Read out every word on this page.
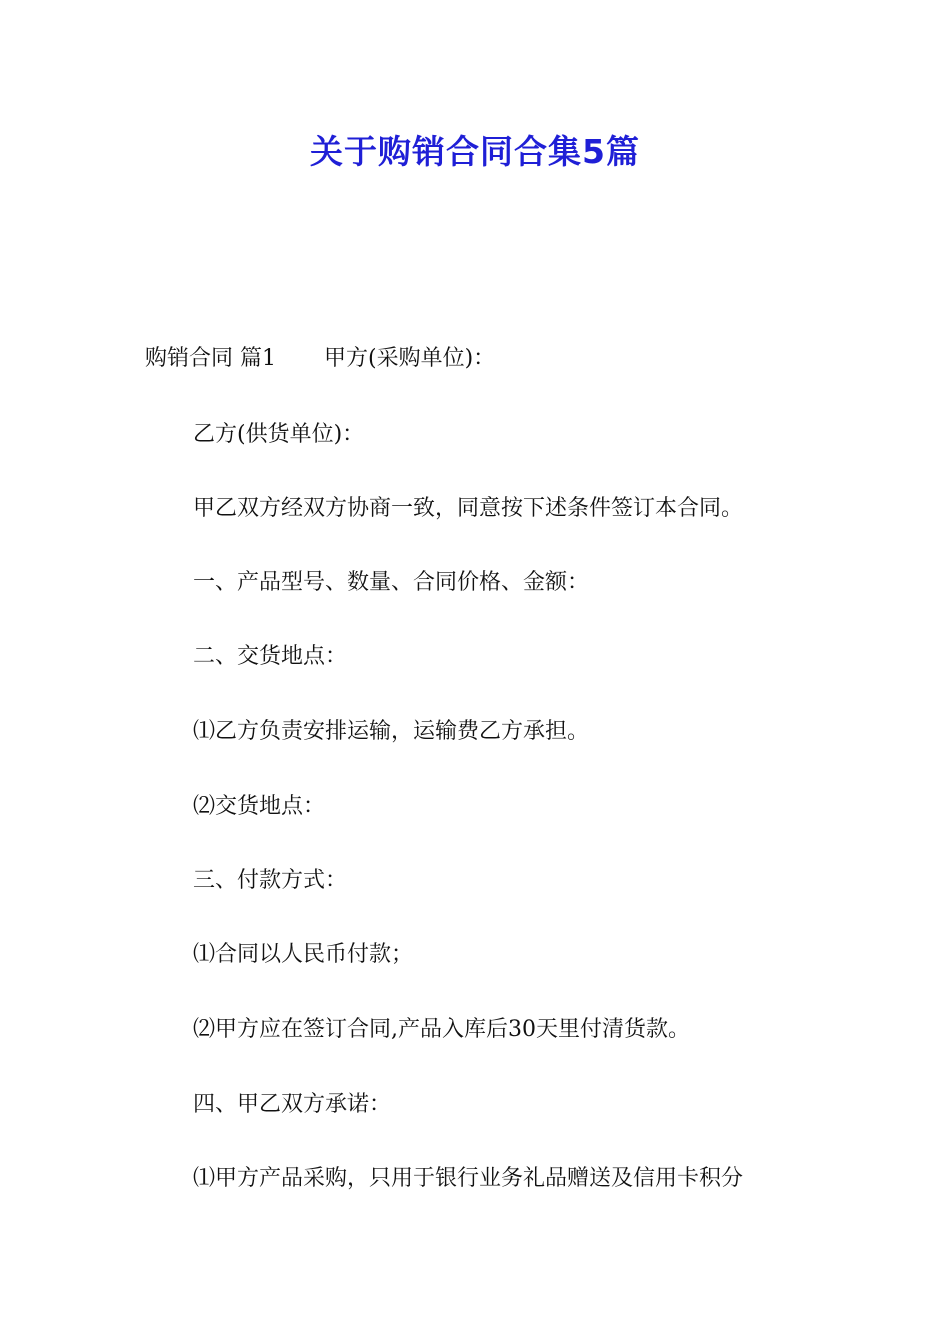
关于购销合同合集5篇

购销合同 篇1 甲方(采购单位)：

乙方(供货单位)：

甲乙双方经双方协商一致，同意按下述条件签订本合同。

一、产品型号、数量、合同价格、金额：

二、交货地点：

⑴乙方负责安排运输，运输费乙方承担。

⑵交货地点：

三、付款方式：

⑴合同以人民币付款；

⑵甲方应在签订合同,产品入库后30天里付清货款。

四、甲乙双方承诺：

⑴甲方产品采购，只用于银行业务礼品赠送及信用卡积分
